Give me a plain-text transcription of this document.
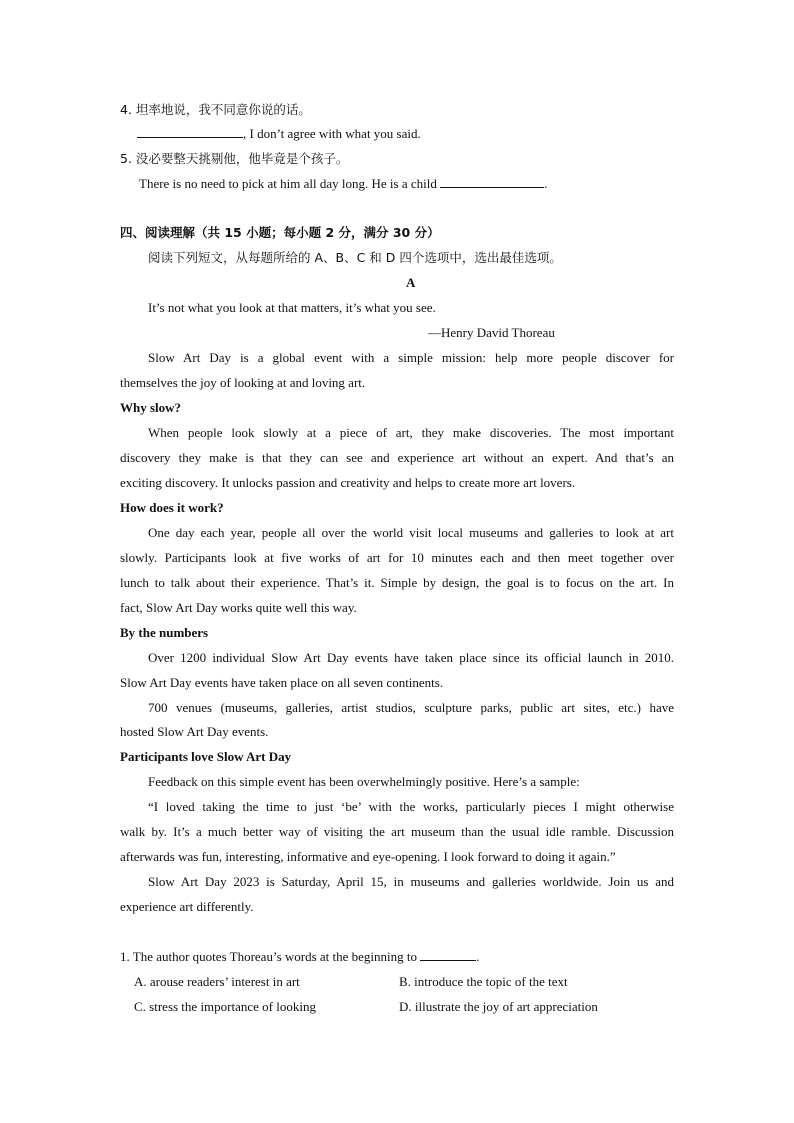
4. 坦率地说，我不同意你说的话。
, I don’t agree with what you said.
5. 没必要整天挑剔他，他毕竟是个孩子。
There is no need to pick at him all day long. He is a child	.
四、阅读理解（共 15 小题；每小题 2 分，满分 30 分）
阅读下列短文，从每题所给的 A、B、C 和 D 四个选项中，选出最佳选项。
A
It’s not what you look at that matters, it’s what you see.
—Henry David Thoreau
Slow Art Day is a global event with a simple mission: help more people discover for
themselves the joy of looking at and loving art.
Why slow?
When people look slowly at a piece of art, they make discoveries. The most important
discovery they make is that they can see and experience art without an expert. And that’s an
exciting discovery. It unlocks passion and creativity and helps to create more art lovers.
How does it work?
One day each year, people all over the world visit local museums and galleries to look at art
slowly. Participants look at five works of art for 10 minutes each and then meet together over
lunch to talk about their experience. That’s it. Simple by design, the goal is to focus on the art. In
fact, Slow Art Day works quite well this way.
By the numbers
Over 1200 individual Slow Art Day events have taken place since its official launch in 2010.
Slow Art Day events have taken place on all seven continents.
700 venues (museums, galleries, artist studios, sculpture parks, public art sites, etc.) have
hosted Slow Art Day events.
Participants love Slow Art Day
Feedback on this simple event has been overwhelmingly positive. Here’s a sample:
“I loved taking the time to just ‘be’ with the works, particularly pieces I might otherwise
walk by. It’s a much better way of visiting the art museum than the usual idle ramble. Discussion
afterwards was fun, interesting, informative and eye-opening. I look forward to doing it again.”
Slow Art Day 2023 is Saturday, April 15, in museums and galleries worldwide. Join us and
experience art differently.
1. The author quotes Thoreau’s words at the beginning to	.
A. arouse readers’ interest in art	B. introduce the topic of the text
C. stress the importance of looking	D. illustrate the joy of art appreciation
